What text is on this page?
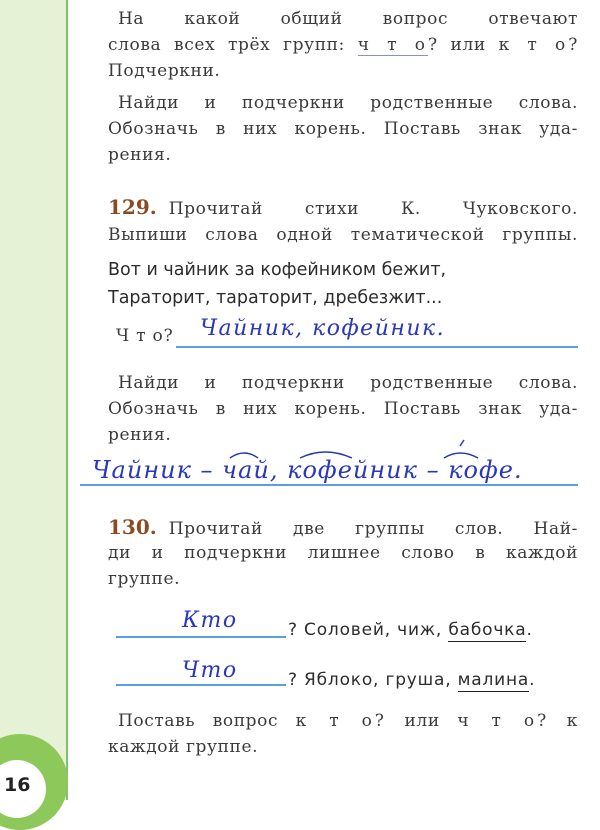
На какой общий вопрос отвечают

слова всех трёх групп: ч т о? или к т о?

Подчеркни.

Найди и подчеркни родственные слова.

Обозначь в них корень. Поставь знак уда-

рения.

129. Прочитай стихи К. Чуковского.

Выпиши слова одной тематической группы.

Вот и чайник за кофейником бежит,
Тараторит, тараторит, дребезжит...
Ч т о? Чайник, кофейник.

Найди и подчеркни родственные слова.

Обозначь в них корень. Поставь знак уда-

рения.

Чайник – чай, кофейник – кофе.

130. Прочитай две группы слов. Най-

ди и подчеркни лишнее слово в каждой

группе.

Кто	? Соловей, чиж, бабочка.
Что	? Яблоко, груша, малина.

Поставь вопрос к т о? или ч т о? к

каждой группе.

16
